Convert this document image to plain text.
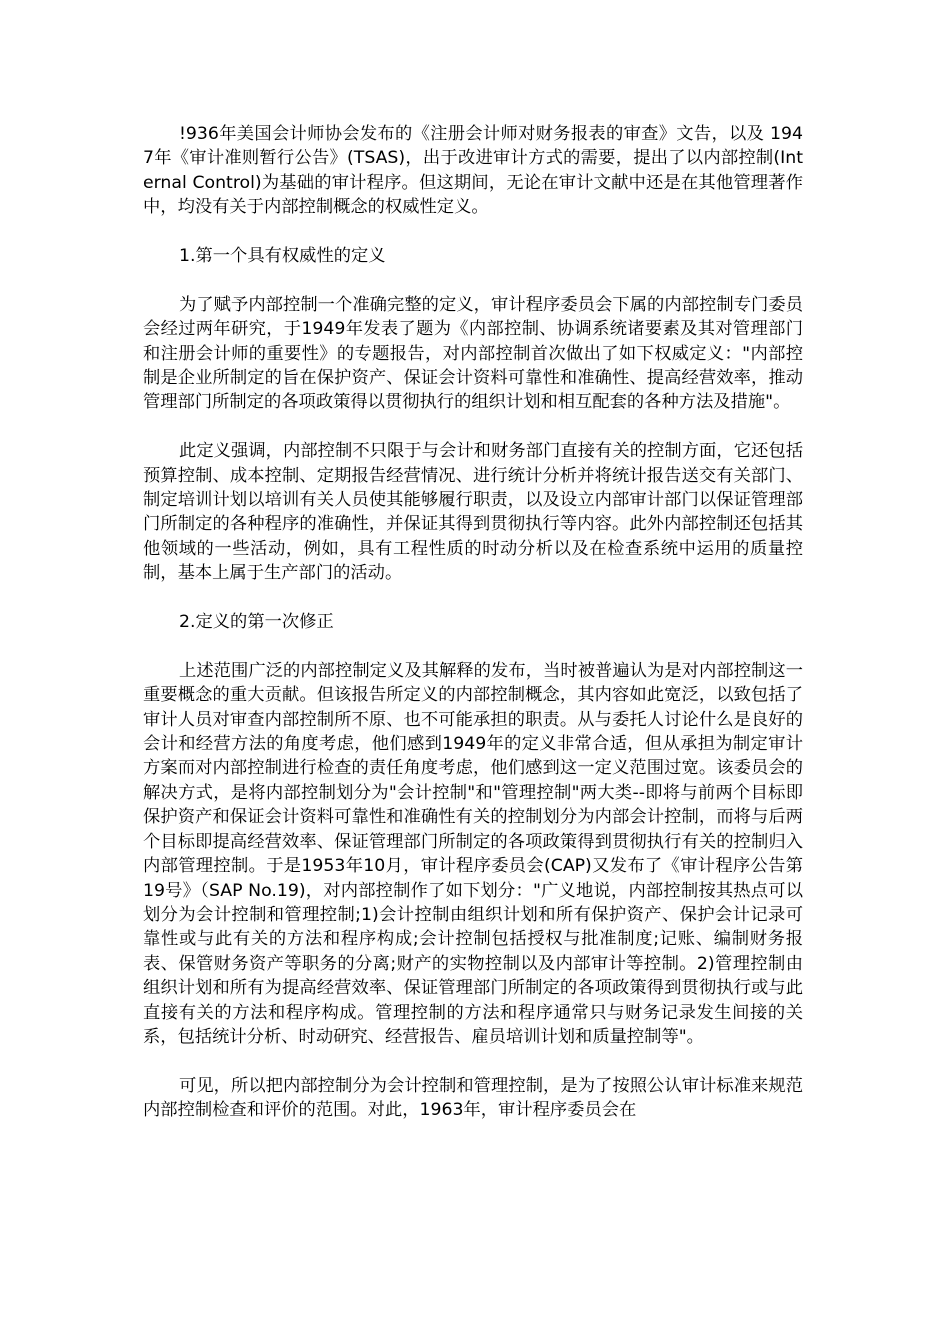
!936年美国会计师协会发布的《注册会计师对财务报表的审查》文告，以及 1947年《审计准则暂行公告》(TSAS)，出于改进审计方式的需要，提出了以内部控制(Internal Control)为基础的审计程序。但这期间，无论在审计文献中还是在其他管理著作中，均没有关于内部控制概念的权威性定义。

1.第一个具有权威性的定义

为了赋予内部控制一个准确完整的定义，审计程序委员会下属的内部控制专门委员会经过两年研究，于1949年发表了题为《内部控制、协调系统诸要素及其对管理部门和注册会计师的重要性》的专题报告，对内部控制首次做出了如下权威定义："内部控制是企业所制定的旨在保护资产、保证会计资料可靠性和准确性、提高经营效率，推动管理部门所制定的各项政策得以贯彻执行的组织计划和相互配套的各种方法及措施"。

此定义强调，内部控制不只限于与会计和财务部门直接有关的控制方面，它还包括预算控制、成本控制、定期报告经营情况、进行统计分析并将统计报告送交有关部门、制定培训计划以培训有关人员使其能够履行职责，以及设立内部审计部门以保证管理部门所制定的各种程序的准确性，并保证其得到贯彻执行等内容。此外内部控制还包括其他领域的一些活动，例如，具有工程性质的时动分析以及在检查系统中运用的质量控制，基本上属于生产部门的活动。

2.定义的第一次修正

上述范围广泛的内部控制定义及其解释的发布，当时被普遍认为是对内部控制这一重要概念的重大贡献。但该报告所定义的内部控制概念，其内容如此宽泛，以致包括了审计人员对审查内部控制所不原、也不可能承担的职责。从与委托人讨论什么是良好的会计和经营方法的角度考虑，他们感到1949年的定义非常合适，但从承担为制定审计方案而对内部控制进行检查的责任角度考虑，他们感到这一定义范围过宽。该委员会的解决方式，是将内部控制划分为"会计控制"和"管理控制"两大类--即将与前两个目标即保护资产和保证会计资料可靠性和准确性有关的控制划分为内部会计控制，而将与后两个目标即提高经营效率、保证管理部门所制定的各项政策得到贯彻执行有关的控制归入内部管理控制。于是1953年10月，审计程序委员会(CAP)又发布了《审计程序公告第19号》（SAP No.19)，对内部控制作了如下划分："广义地说，内部控制按其热点可以划分为会计控制和管理控制;1)会计控制由组织计划和所有保护资产、保护会计记录可靠性或与此有关的方法和程序构成;会计控制包括授权与批准制度;记账、编制财务报表、保管财务资产等职务的分离;财产的实物控制以及内部审计等控制。2)管理控制由组织计划和所有为提高经营效率、保证管理部门所制定的各项政策得到贯彻执行或与此直接有关的方法和程序构成。管理控制的方法和程序通常只与财务记录发生间接的关系，包括统计分析、时动研究、经营报告、雇员培训计划和质量控制等"。

可见，所以把内部控制分为会计控制和管理控制，是为了按照公认审计标准来规范内部控制检查和评价的范围。对此，1963年，审计程序委员会在
